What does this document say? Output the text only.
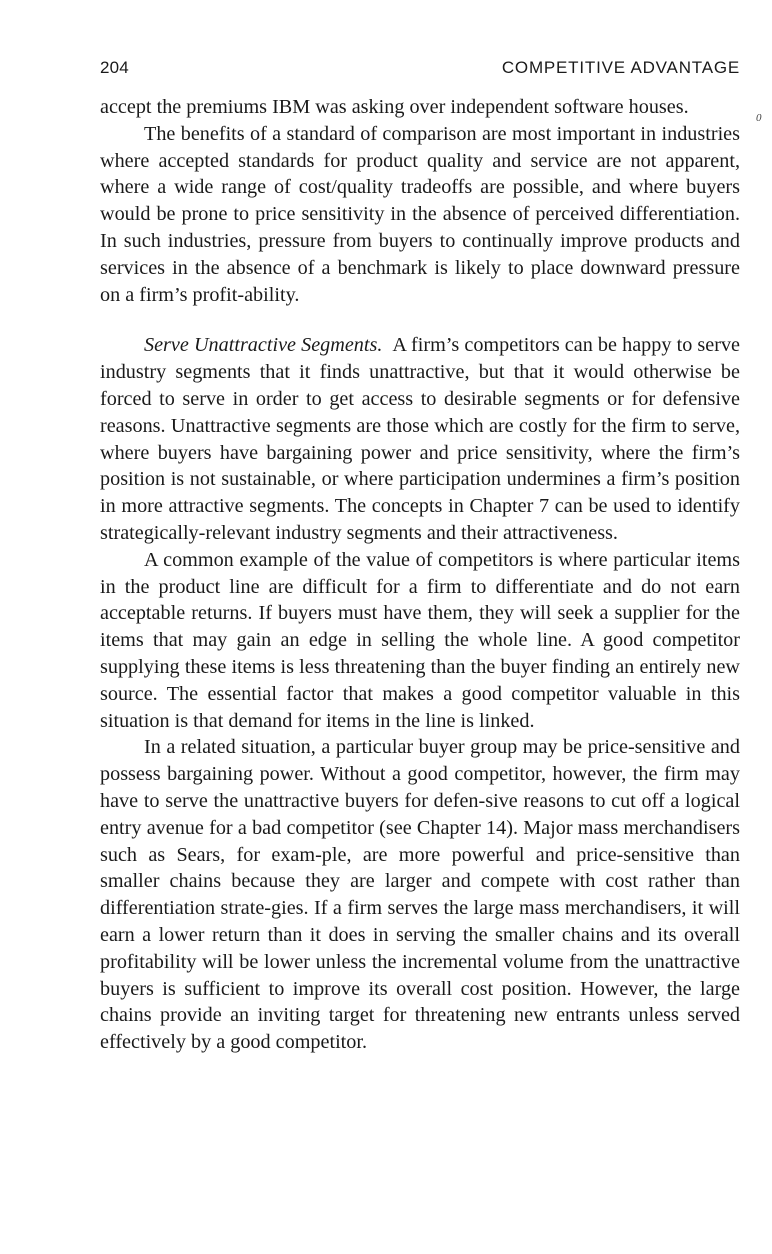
204	COMPETITIVE ADVANTAGE

accept the premiums IBM was asking over independent software houses.

The benefits of a standard of comparison are most important in industries where accepted standards for product quality and service are not apparent, where a wide range of cost/quality tradeoffs are possible, and where buyers would be prone to price sensitivity in the absence of perceived differentiation. In such industries, pressure from buyers to continually improve products and services in the absence of a benchmark is likely to place downward pressure on a firm’s profit-ability.

Serve Unattractive Segments. A firm’s competitors can be happy to serve industry segments that it finds unattractive, but that it would otherwise be forced to serve in order to get access to desirable segments or for defensive reasons. Unattractive segments are those which are costly for the firm to serve, where buyers have bargaining power and price sensitivity, where the firm’s position is not sustainable, or where participation undermines a firm’s position in more attractive segments. The concepts in Chapter 7 can be used to identify strategically-relevant industry segments and their attractiveness.

A common example of the value of competitors is where particular items in the product line are difficult for a firm to differentiate and do not earn acceptable returns. If buyers must have them, they will seek a supplier for the items that may gain an edge in selling the whole line. A good competitor supplying these items is less threatening than the buyer finding an entirely new source. The essential factor that makes a good competitor valuable in this situation is that demand for items in the line is linked.

In a related situation, a particular buyer group may be price-sensitive and possess bargaining power. Without a good competitor, however, the firm may have to serve the unattractive buyers for defen-sive reasons to cut off a logical entry avenue for a bad competitor (see Chapter 14). Major mass merchandisers such as Sears, for exam-ple, are more powerful and price-sensitive than smaller chains because they are larger and compete with cost rather than differentiation strate-gies. If a firm serves the large mass merchandisers, it will earn a lower return than it does in serving the smaller chains and its overall profitability will be lower unless the incremental volume from the unattractive buyers is sufficient to improve its overall cost position. However, the large chains provide an inviting target for threatening new entrants unless served effectively by a good competitor.

0
